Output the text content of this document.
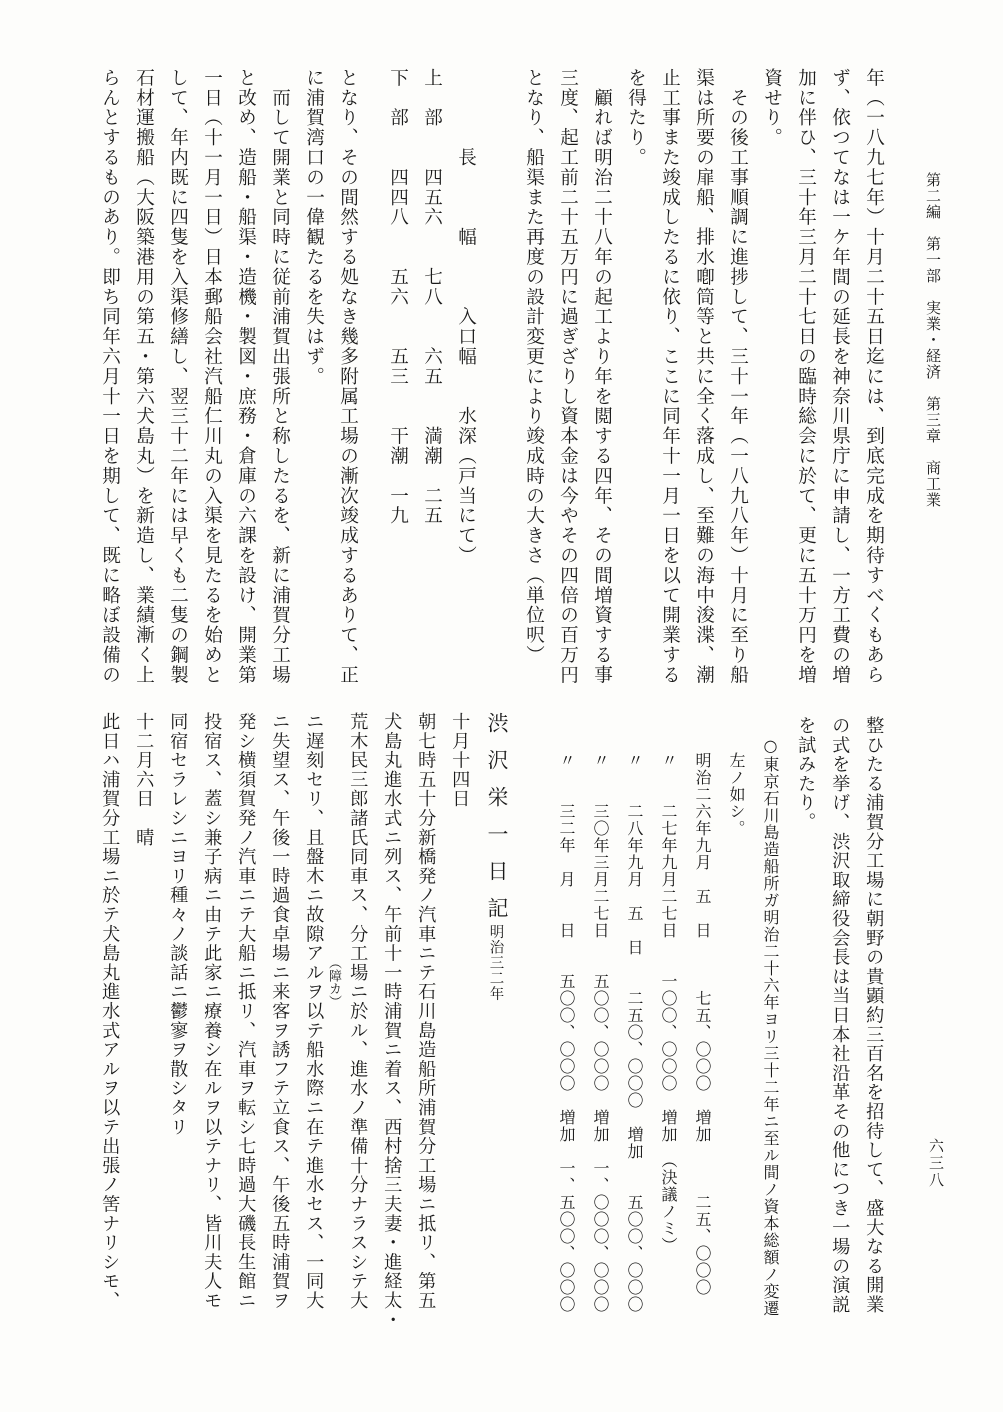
第二編　第一部　実業・経済　第三章　商工業
六三八
年（一八九七年）十月二十五日迄には、到底完成を期待すべくもあら
ず、依つてなは一ケ年間の延長を神奈川県庁に申請し、一方工費の増
加に伴ひ、三十年三月二十七日の臨時総会に於て、更に五十万円を増
資せり。
　その後工事順調に進捗して、三十一年（一八九八年）十月に至り船
渠は所要の扉船、排水喞筒等と共に全く落成し、至難の海中浚渫、潮
止工事また竣成したるに依り、ここに同年十一月一日を以て開業する
を得たり。
　顧れば明治二十八年の起工より年を閲する四年、その間増資する事
三度、起工前二十五万円に過ぎざりし資本金は今やその四倍の百万円
となり、船渠また再度の設計変更により竣成時の大きさ（単位呎）
　　　　長　　　幅　　　入口幅　　水深（戸当にて）
上　部　　四五六　　七八　　六五　　満潮　二五
下　部　　四四八　　五六　　五三　　干潮　一九
となり、その間然する処なき幾多附属工場の漸次竣成するありて、正
に浦賀湾口の一偉観たるを失はず。
　而して開業と同時に従前浦賀出張所と称したるを、新に浦賀分工場
と改め、造船・船渠・造機・製図・庶務・倉庫の六課を設け、開業第
一日（十一月一日）日本郵船会社汽船仁川丸の入渠を見たるを始めと
して、年内既に四隻を入渠修繕し、翌三十二年には早くも二隻の鋼製
石材運搬船（大阪築港用の第五・第六犬島丸）を新造し、業績漸く上
らんとするものあり。即ち同年六月十一日を期して、既に略ぼ設備の
整ひたる浦賀分工場に朝野の貴顕約三百名を招待して、盛大なる開業
の式を挙げ、渋沢取締役会長は当日本社沿革その他につき一場の演説
を試みたり。
○東京石川島造船所ガ明治二十六年ヨリ三十二年ニ至ル間ノ資本総額ノ変遷
左ノ如シ。
明治二六年九月　五　日　　　七五、〇〇〇　増加　　　二五、〇〇〇
〃　　二七年九月二七日　　一〇〇、〇〇〇　増加　（決議ノミ）
〃　　二八年九月　五　日　　二五〇、〇〇〇　増加　　五〇〇、〇〇〇
〃　　三〇年三月二七日　　五〇〇、〇〇〇　増加　一、〇〇〇、〇〇〇
〃　　三二年　月　　日　　五〇〇、〇〇〇　増加　一、五〇〇、〇〇〇
渋沢栄一日記
明治三二年
十月十四日
朝七時五十分新橋発ノ汽車ニテ石川島造船所浦賀分工場ニ抵リ、第五
犬島丸進水式ニ列ス、午前十一時浦賀ニ着ス、西村捨三夫妻・進経太・
荒木民三郎諸氏同車ス、分工場ニ於ル、進水ノ準備十分ナラスシテ大
（障カ）
ニ遅刻セリ、且盤木ニ故隙アルヲ以テ船水際ニ在テ進水セス、一同大
ニ失望ス、午後一時過食卓場ニ来客ヲ誘フテ立食ス、午後五時浦賀ヲ
発シ横須賀発ノ汽車ニテ大船ニ抵リ、汽車ヲ転シ七時過大磯長生館ニ
投宿ス、蓋シ兼子病ニ由テ此家ニ療養シ在ルヲ以テナリ、皆川夫人モ
同宿セラレシニヨリ種々ノ談話ニ鬱寥ヲ散シタリ
十二月六日　晴
此日ハ浦賀分工場ニ於テ犬島丸進水式アルヲ以テ出張ノ筈ナリシモ、
